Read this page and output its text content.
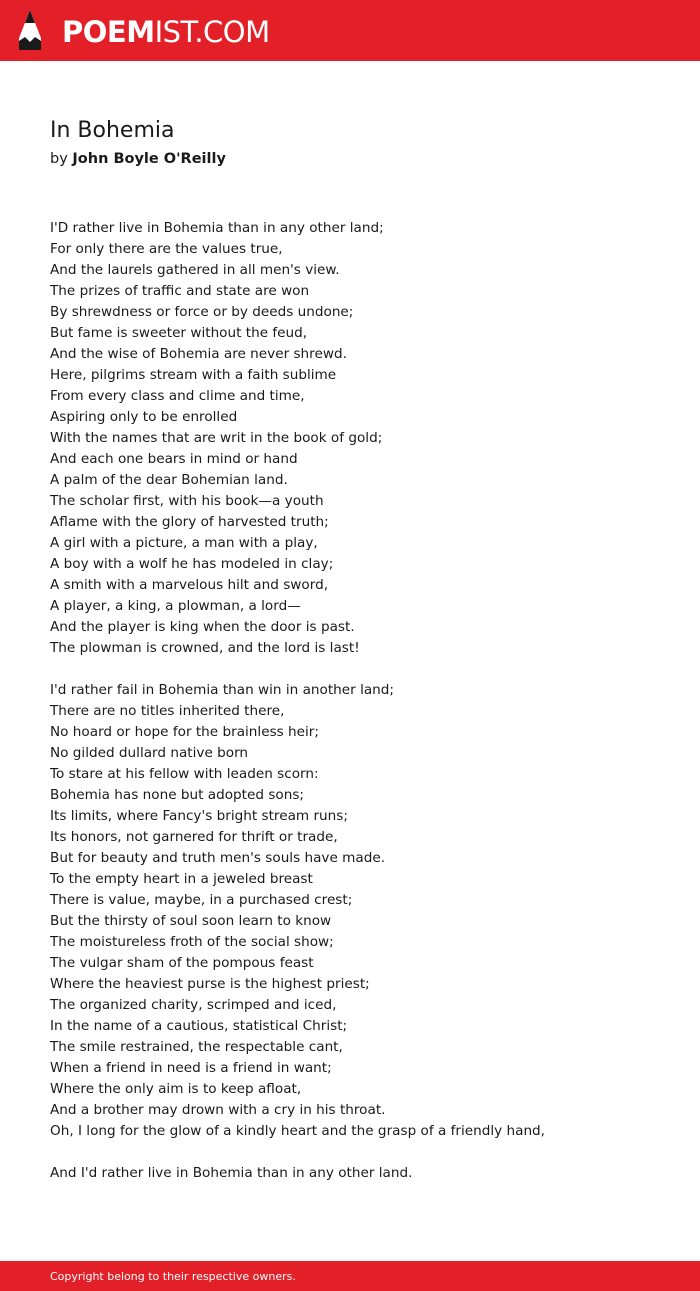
POEMIST.COM
In Bohemia
by John Boyle O'Reilly
I'D rather live in Bohemia than in any other land;
For only there are the values true,
And the laurels gathered in all men's view.
The prizes of traffic and state are won
By shrewdness or force or by deeds undone;
But fame is sweeter without the feud,
And the wise of Bohemia are never shrewd.
Here, pilgrims stream with a faith sublime
From every class and clime and time,
Aspiring only to be enrolled
With the names that are writ in the book of gold;
And each one bears in mind or hand
A palm of the dear Bohemian land.
The scholar first, with his book—a youth
Aflame with the glory of harvested truth;
A girl with a picture, a man with a play,
A boy with a wolf he has modeled in clay;
A smith with a marvelous hilt and sword,
A player, a king, a plowman, a lord—
And the player is king when the door is past.
The plowman is crowned, and the lord is last!
I'd rather fail in Bohemia than win in another land;
There are no titles inherited there,
No hoard or hope for the brainless heir;
No gilded dullard native born
To stare at his fellow with leaden scorn:
Bohemia has none but adopted sons;
Its limits, where Fancy's bright stream runs;
Its honors, not garnered for thrift or trade,
But for beauty and truth men's souls have made.
To the empty heart in a jeweled breast
There is value, maybe, in a purchased crest;
But the thirsty of soul soon learn to know
The moistureless froth of the social show;
The vulgar sham of the pompous feast
Where the heaviest purse is the highest priest;
The organized charity, scrimped and iced,
In the name of a cautious, statistical Christ;
The smile restrained, the respectable cant,
When a friend in need is a friend in want;
Where the only aim is to keep afloat,
And a brother may drown with a cry in his throat.
Oh, I long for the glow of a kindly heart and the grasp of a friendly hand,
And I'd rather live in Bohemia than in any other land.
Copyright belong to their respective owners.
